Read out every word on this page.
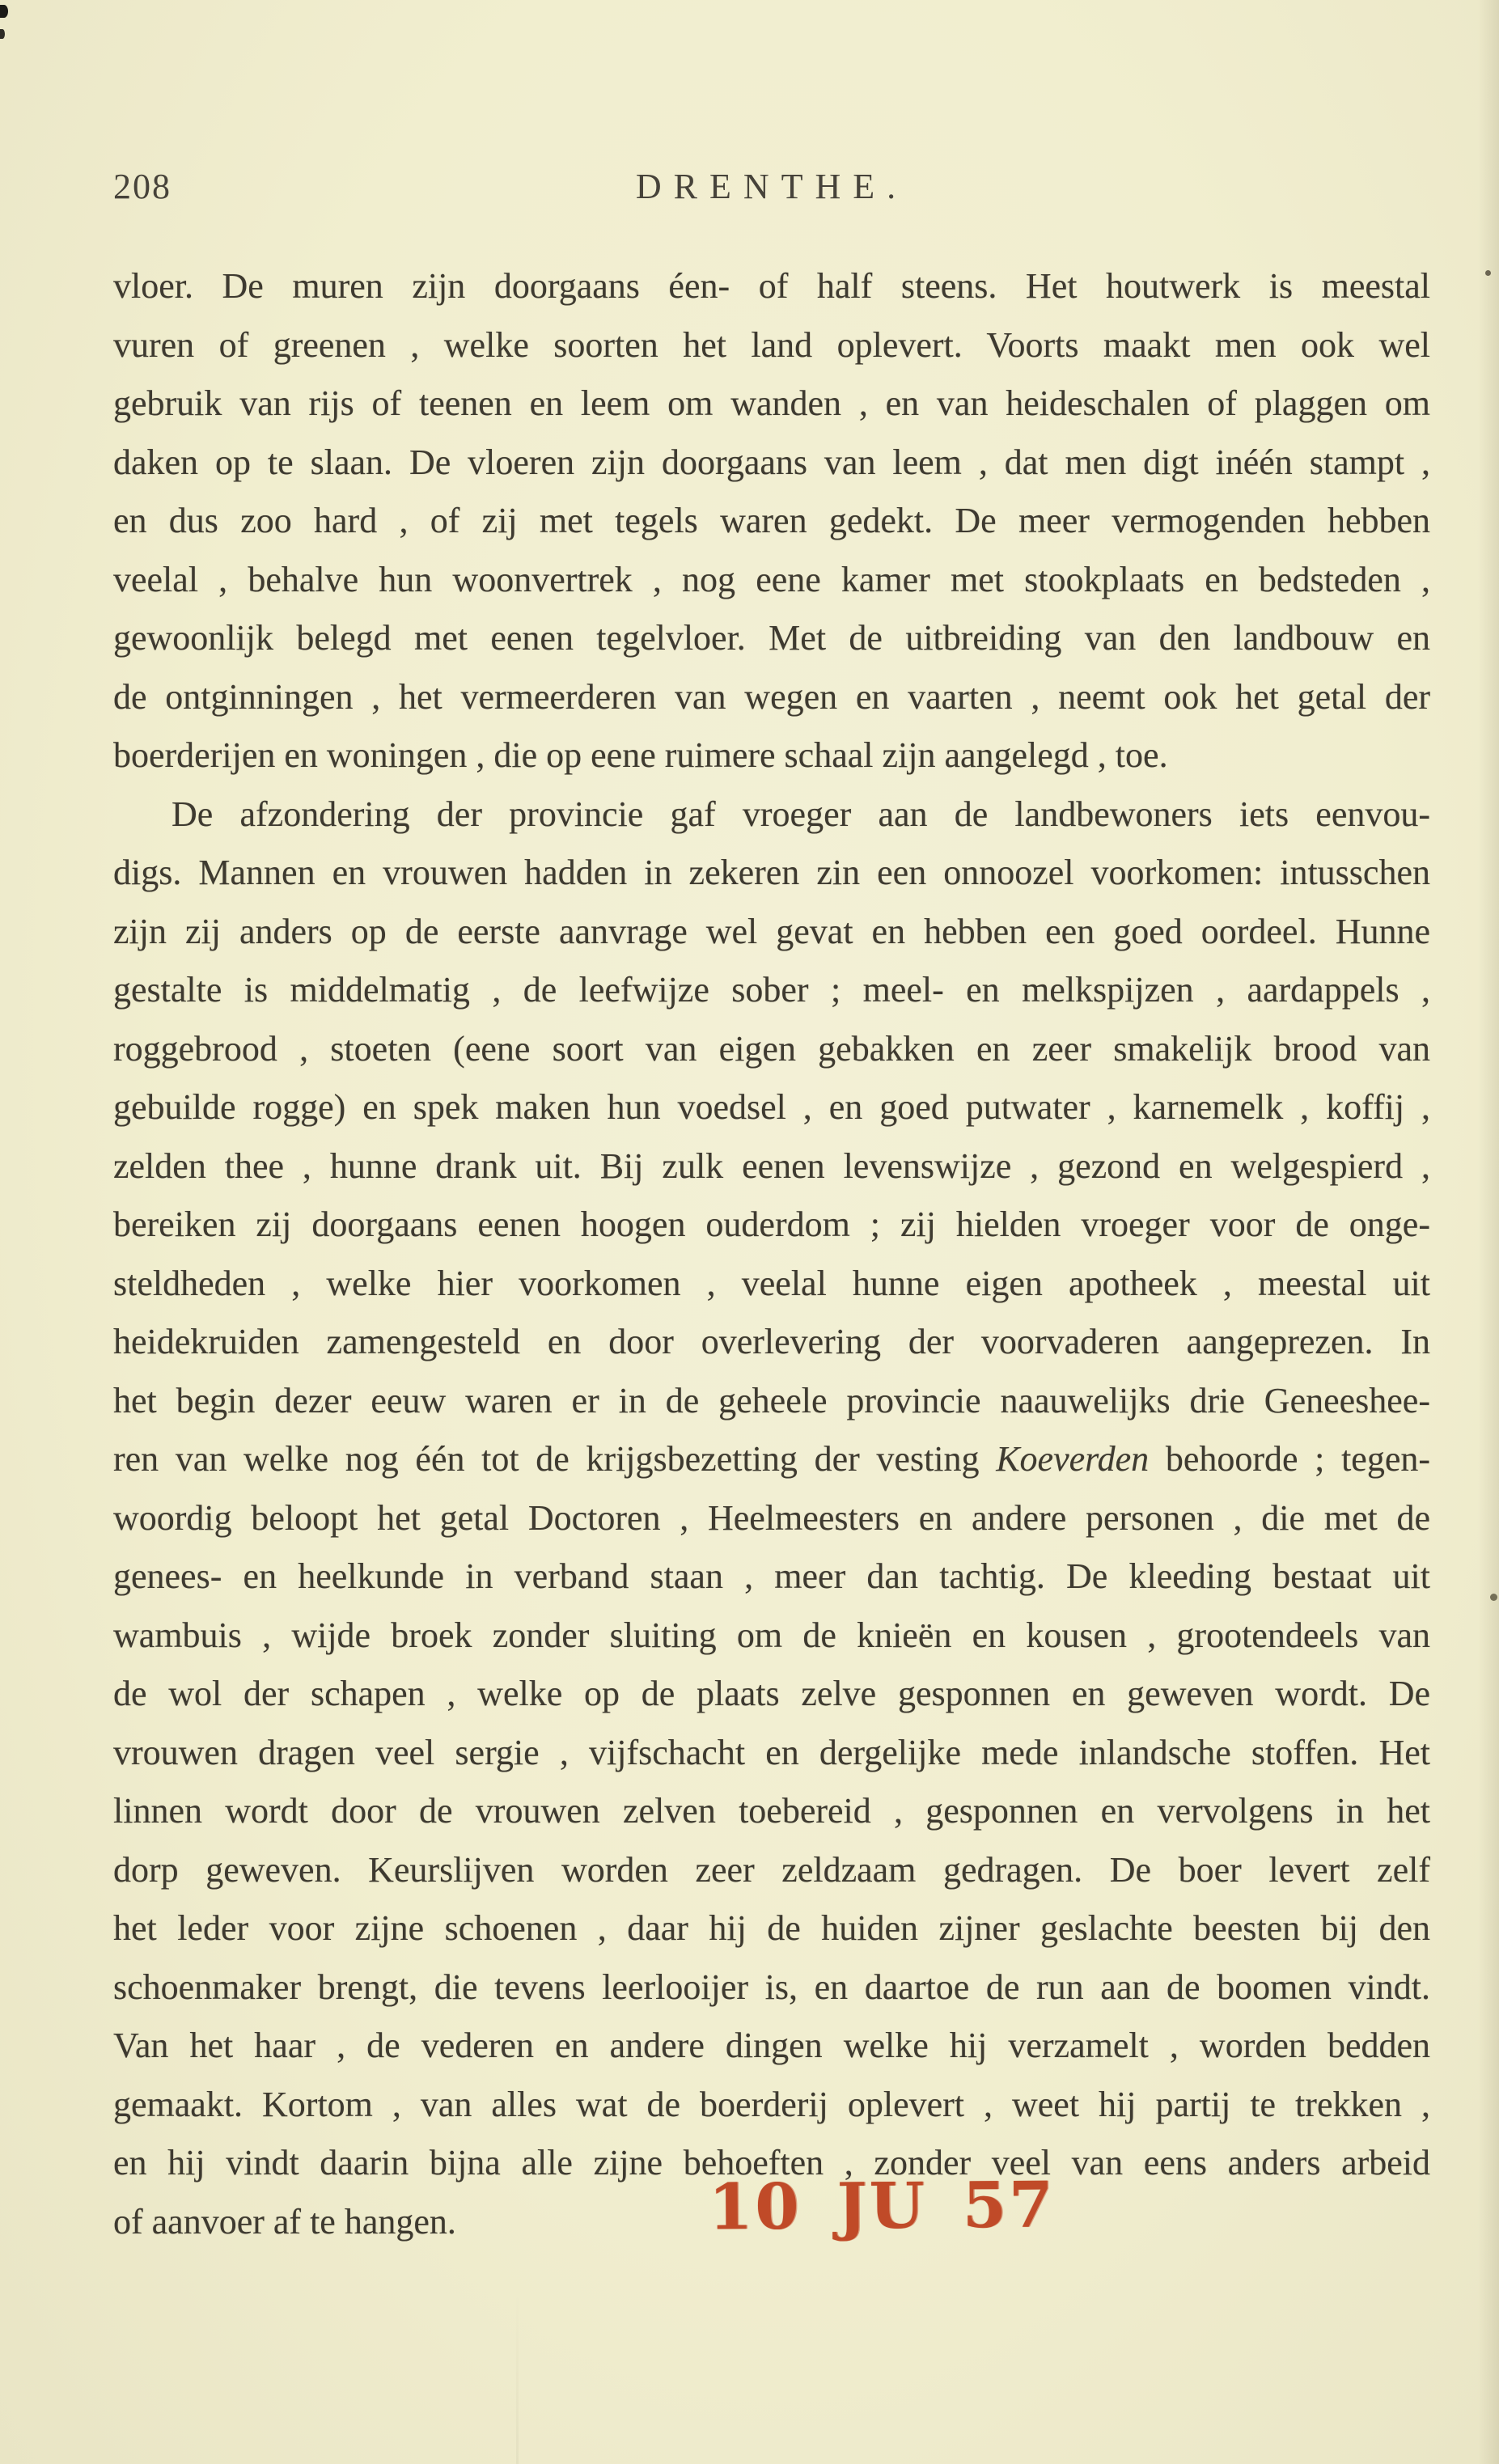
208	DRENTHE.
vloer. De muren zijn doorgaans éen- of half steens. Het houtwerk is meestal
vuren of greenen , welke soorten het land oplevert. Voorts maakt men ook wel
gebruik van rijs of teenen en leem om wanden , en van heideschalen of plaggen om
daken op te slaan. De vloeren zijn doorgaans van leem , dat men digt inéén stampt ,
en dus zoo hard , of zij met tegels waren gedekt. De meer vermogenden hebben
veelal , behalve hun woonvertrek , nog eene kamer met stookplaats en bedsteden ,
gewoonlijk belegd met eenen tegelvloer. Met de uitbreiding van den landbouw en
de ontginningen , het vermeerderen van wegen en vaarten , neemt ook het getal der
boerderijen en woningen , die op eene ruimere schaal zijn aangelegd , toe.
De afzondering der provincie gaf vroeger aan de landbewoners iets eenvou-
digs. Mannen en vrouwen hadden in zekeren zin een onnoozel voorkomen: intusschen
zijn zij anders op de eerste aanvrage wel gevat en hebben een goed oordeel. Hunne
gestalte is middelmatig , de leefwijze sober ; meel- en melkspijzen , aardappels ,
roggebrood , stoeten (eene soort van eigen gebakken en zeer smakelijk brood van
gebuilde rogge) en spek maken hun voedsel , en goed putwater , karnemelk , koffij ,
zelden thee , hunne drank uit. Bij zulk eenen levenswijze , gezond en welgespierd ,
bereiken zij doorgaans eenen hoogen ouderdom ; zij hielden vroeger voor de onge-
steldheden , welke hier voorkomen , veelal hunne eigen apotheek , meestal uit
heidekruiden zamengesteld en door overlevering der voorvaderen aangeprezen. In
het begin dezer eeuw waren er in de geheele provincie naauwelijks drie Geneeshee-
ren van welke nog één tot de krijgsbezetting der vesting Koeverden behoorde ; tegen-
woordig beloopt het getal Doctoren , Heelmeesters en andere personen , die met de
genees- en heelkunde in verband staan , meer dan tachtig. De kleeding bestaat uit
wambuis , wijde broek zonder sluiting om de knieën en kousen , grootendeels van
de wol der schapen , welke op de plaats zelve gesponnen en geweven wordt. De
vrouwen dragen veel sergie , vijfschacht en dergelijke mede inlandsche stoffen. Het
linnen wordt door de vrouwen zelven toebereid , gesponnen en vervolgens in het
dorp geweven. Keurslijven worden zeer zeldzaam gedragen. De boer levert zelf
het leder voor zijne schoenen , daar hij de huiden zijner geslachte beesten bij den
schoenmaker brengt, die tevens leerlooijer is, en daartoe de run aan de boomen vindt.
Van het haar , de vederen en andere dingen welke hij verzamelt , worden bedden
gemaakt. Kortom , van alles wat de boerderij oplevert , weet hij partij te trekken ,
en hij vindt daarin bijna alle zijne behoeften , zonder veel van eens anders arbeid
of aanvoer af te hangen.	10 JU 57
